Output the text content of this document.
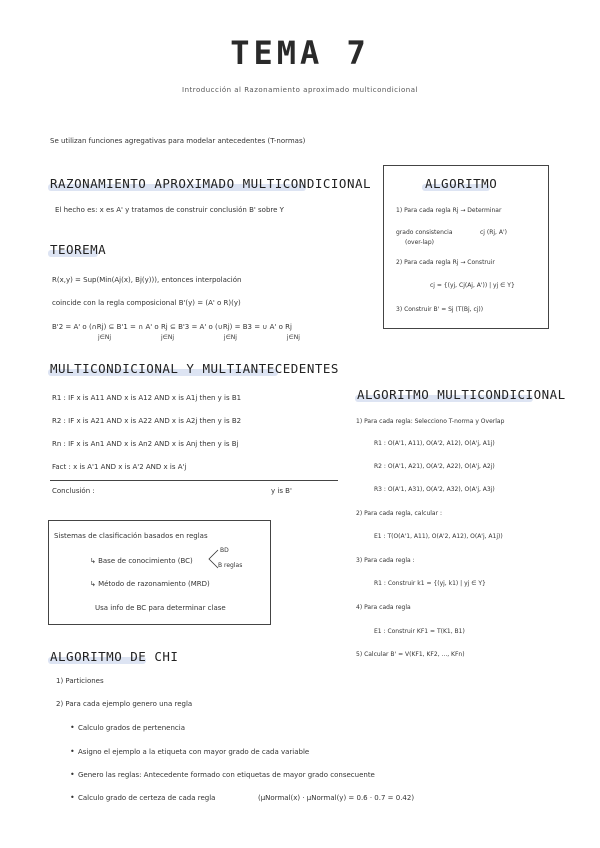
TEMA 7
Introducción al Razonamiento aproximado multicondicional
Se utilizan funciones agregativas para modelar antecedentes (T-normas)
RAZONAMIENTO APROXIMADO MULTICONDICIONAL
El hecho es: x es A' y tratamos de construir conclusión B' sobre Y
TEOREMA
R(x,y) = Sup(Min(Aj(x), Bj(y))), entonces interpolación
coincide con la regla composicional B'(y) = (A' o R)(y)
B'2 = A' o (∩Rj) ⊆ B'1 = ∩ A' o Rj ⊆ B'3 = A' o (∪Rj) = B3 = ∪ A' o Rj
j∈Nj j∈Nj j∈Nj j∈Nj
MULTICONDICIONAL Y MULTIANTECEDENTES
R1 : IF x is A11 AND x is A12 AND x is A1j then y is B1
R2 : IF x is A21 AND x is A22 AND x is A2j then y is B2
Rn : IF x is An1 AND x is An2 AND x is Anj then y is Bj
Fact : x is A'1 AND x is A'2 AND x is A'j
Conclusión :	y is B'
Sistemas de clasificación basados en reglas
↳ Base de conocimiento (BC)
BD
B reglas
↳ Método de razonamiento (MRD)
Usa info de BC para determinar clase
ALGORITMO DE CHI
1) Particiones
2) Para cada ejemplo genero una regla
• Calculo grados de pertenencia
• Asigno el ejemplo a la etiqueta con mayor grado de cada variable
• Genero las reglas: Antecedente formado con etiquetas de mayor grado consecuente
• Calculo grado de certeza de cada regla	(μNormal(x) · μNormal(y) = 0.6 · 0.7 = 0.42)
ALGORITMO
1) Para cada regla Rj → Determinar
grado consistencia	cj (Rj, A')
(over-lap)
2) Para cada regla Rj → Construir
cj = {(yj, Cj(Aj, A')) | yj ∈ Y}
3) Construir B' = Sj (T(Bj, cj))
ALGORITMO MULTICONDICIONAL
1) Para cada regla: Selecciono T-norma y Overlap
R1 : O(A'1, A11), O(A'2, A12), O(A'j, A1j)
R2 : O(A'1, A21), O(A'2, A22), O(A'j, A2j)
R3 : O(A'1, A31), O(A'2, A32), O(A'j, A3j)
2) Para cada regla, calcular :
E1 : T(O(A'1, A11), O(A'2, A12), O(A'j, A1j))
3) Para cada regla :
R1 : Construir k1 = {(yj, k1) | yj ∈ Y}
4) Para cada regla
E1 : Construir KF1 = T(K1, B1)
5) Calcular B' = V(KF1, KF2, ..., KFn)
